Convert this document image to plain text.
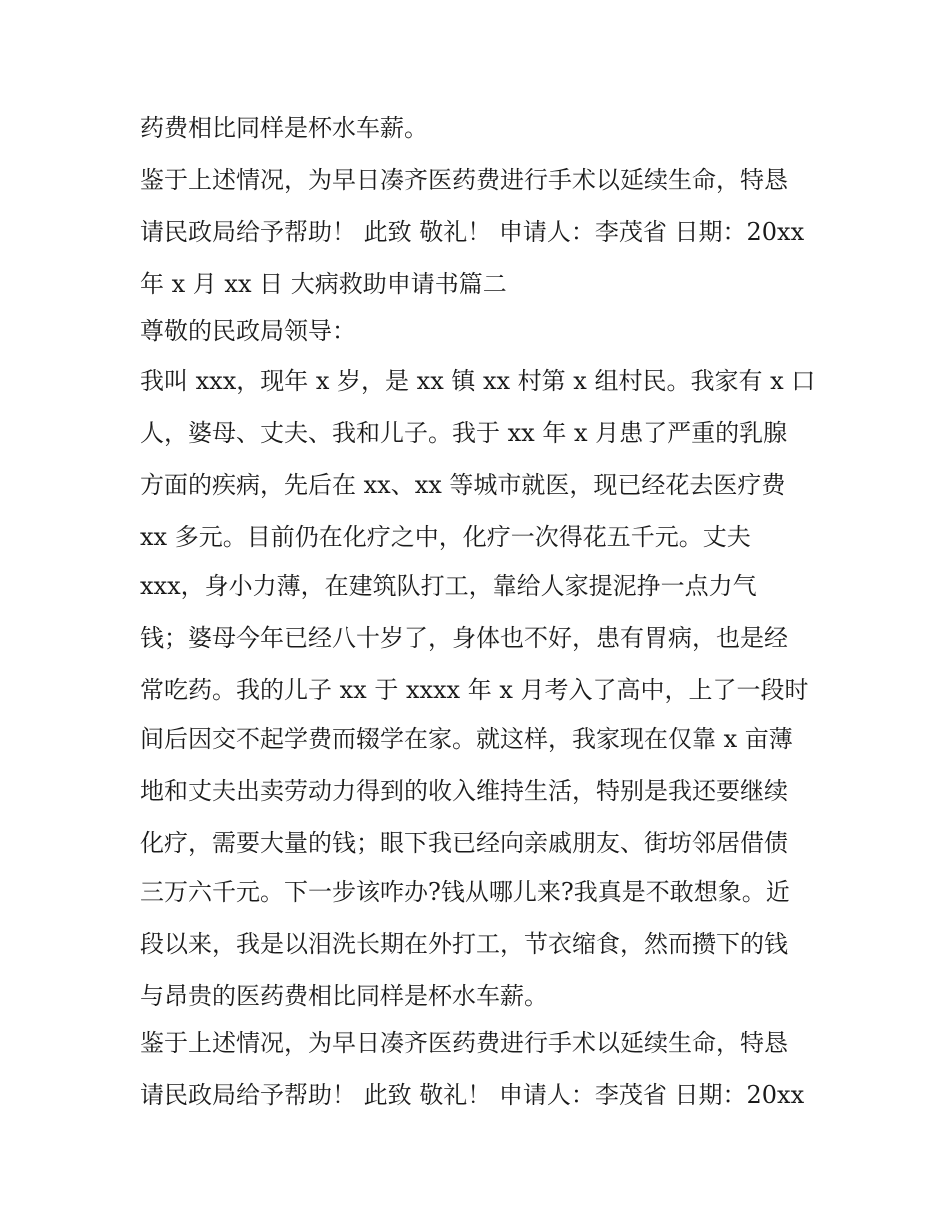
药费相比同样是杯水车薪。
鉴于上述情况，为早日凑齐医药费进行手术以延续生命，特恳
请民政局给予帮助！ 此致 敬礼！ 申请人：李茂省 日期：20xx
年 x 月 xx 日 大病救助申请书篇二
尊敬的民政局领导：
我叫 xxx，现年 x 岁，是 xx 镇 xx 村第 x 组村民。我家有 x 口
人，婆母、丈夫、我和儿子。我于 xx 年 x 月患了严重的乳腺
方面的疾病，先后在 xx、xx 等城市就医，现已经花去医疗费
xx 多元。目前仍在化疗之中，化疗一次得花五千元。丈夫
xxx，身小力薄，在建筑队打工，靠给人家提泥挣一点力气
钱；婆母今年已经八十岁了，身体也不好，患有胃病，也是经
常吃药。我的儿子 xx 于 xxxx 年 x 月考入了高中，上了一段时
间后因交不起学费而辍学在家。就这样，我家现在仅靠 x 亩薄
地和丈夫出卖劳动力得到的收入维持生活，特别是我还要继续
化疗，需要大量的钱；眼下我已经向亲戚朋友、街坊邻居借债
三万六千元。下一步该咋办?钱从哪儿来?我真是不敢想象。近
段以来，我是以泪洗长期在外打工，节衣缩食，然而攒下的钱
与昂贵的医药费相比同样是杯水车薪。
鉴于上述情况，为早日凑齐医药费进行手术以延续生命，特恳
请民政局给予帮助！ 此致 敬礼！ 申请人：李茂省 日期：20xx
